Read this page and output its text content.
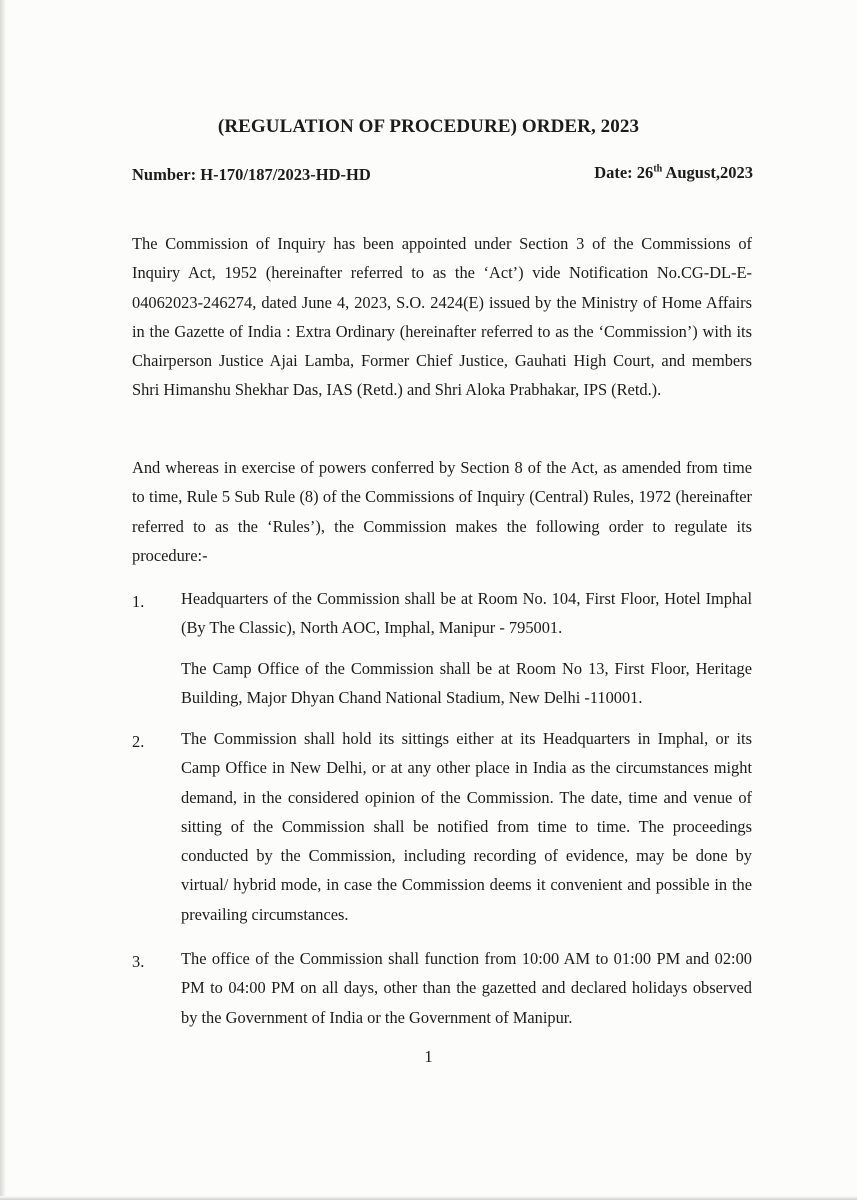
(REGULATION OF PROCEDURE) ORDER, 2023
Number: H-170/187/2023-HD-HD	Date: 26th August,2023
The Commission of Inquiry has been appointed under Section 3 of the Commissions of Inquiry Act, 1952 (hereinafter referred to as the ‘Act’) vide Notification No.CG-DL-E-04062023-246274, dated June 4, 2023, S.O. 2424(E) issued by the Ministry of Home Affairs in the Gazette of India : Extra Ordinary (hereinafter referred to as the ‘Commission’) with its Chairperson Justice Ajai Lamba, Former Chief Justice, Gauhati High Court, and members Shri Himanshu Shekhar Das, IAS (Retd.) and Shri Aloka Prabhakar, IPS (Retd.).
And whereas in exercise of powers conferred by Section 8 of the Act, as amended from time to time, Rule 5 Sub Rule (8) of the Commissions of Inquiry (Central) Rules, 1972 (hereinafter referred to as the ‘Rules’), the Commission makes the following order to regulate its procedure:-
1.	Headquarters of the Commission shall be at Room No. 104, First Floor, Hotel Imphal (By The Classic), North AOC, Imphal, Manipur - 795001.
The Camp Office of the Commission shall be at Room No 13, First Floor, Heritage Building, Major Dhyan Chand National Stadium, New Delhi -110001.
2.	The Commission shall hold its sittings either at its Headquarters in Imphal, or its Camp Office in New Delhi, or at any other place in India as the circumstances might demand, in the considered opinion of the Commission. The date, time and venue of sitting of the Commission shall be notified from time to time. The proceedings conducted by the Commission, including recording of evidence, may be done by virtual/ hybrid mode, in case the Commission deems it convenient and possible in the prevailing circumstances.
3.	The office of the Commission shall function from 10:00 AM to 01:00 PM and 02:00 PM to 04:00 PM on all days, other than the gazetted and declared holidays observed by the Government of India or the Government of Manipur.
1
